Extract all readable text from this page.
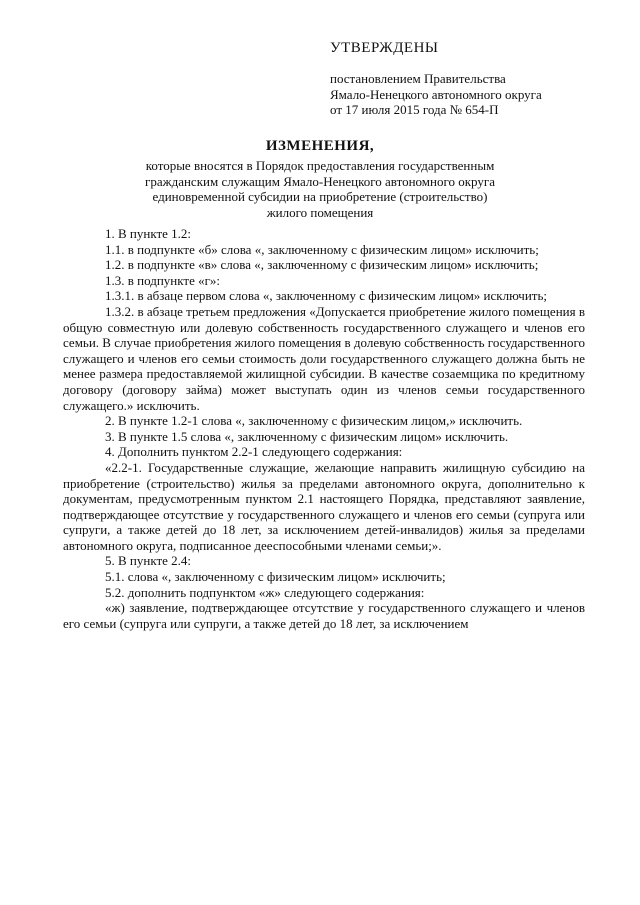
УТВЕРЖДЕНЫ
постановлением Правительства
Ямало-Ненецкого автономного округа
от 17 июля 2015 года № 654-П
ИЗМЕНЕНИЯ,
которые вносятся в Порядок предоставления государственным
гражданским служащим Ямало-Ненецкого автономного округа
единовременной субсидии на приобретение (строительство)
жилого помещения

1. В пункте 1.2:

1.1. в подпункте «б» слова «, заключенному с физическим лицом» исключить;

1.2. в подпункте «в» слова «, заключенному с физическим лицом» исключить;

1.3. в подпункте «г»:

1.3.1. в абзаце первом слова «, заключенному с физическим лицом» исключить;

1.3.2. в абзаце третьем предложения «Допускается приобретение жилого помещения в общую совместную или долевую собственность государственного служащего и членов его семьи. В случае приобретения жилого помещения в долевую собственность государственного служащего и членов его семьи стоимость доли государственного служащего должна быть не менее размера предоставляемой жилищной субсидии. В качестве созаемщика по кредитному договору (договору займа) может выступать один из членов семьи государственного служащего.» исключить.

2. В пункте 1.2-1 слова «, заключенному с физическим лицом,» исключить.

3. В пункте 1.5 слова «, заключенному с физическим лицом» исключить.

4. Дополнить пунктом 2.2-1 следующего содержания:

«2.2-1. Государственные служащие, желающие направить жилищную субсидию на приобретение (строительство) жилья за пределами автономного округа, дополнительно к документам, предусмотренным пунктом 2.1 настоящего Порядка, представляют заявление, подтверждающее отсутствие у государственного служащего и членов его семьи (супруга или супруги, а также детей до 18 лет, за исключением детей-инвалидов) жилья за пределами автономного округа, подписанное дееспособными членами семьи;».

5. В пункте 2.4:

5.1. слова «, заключенному с физическим лицом» исключить;

5.2. дополнить подпунктом «ж» следующего содержания:

«ж) заявление, подтверждающее отсутствие у государственного служащего и членов его семьи (супруга или супруги, а также детей до 18 лет, за исключением
